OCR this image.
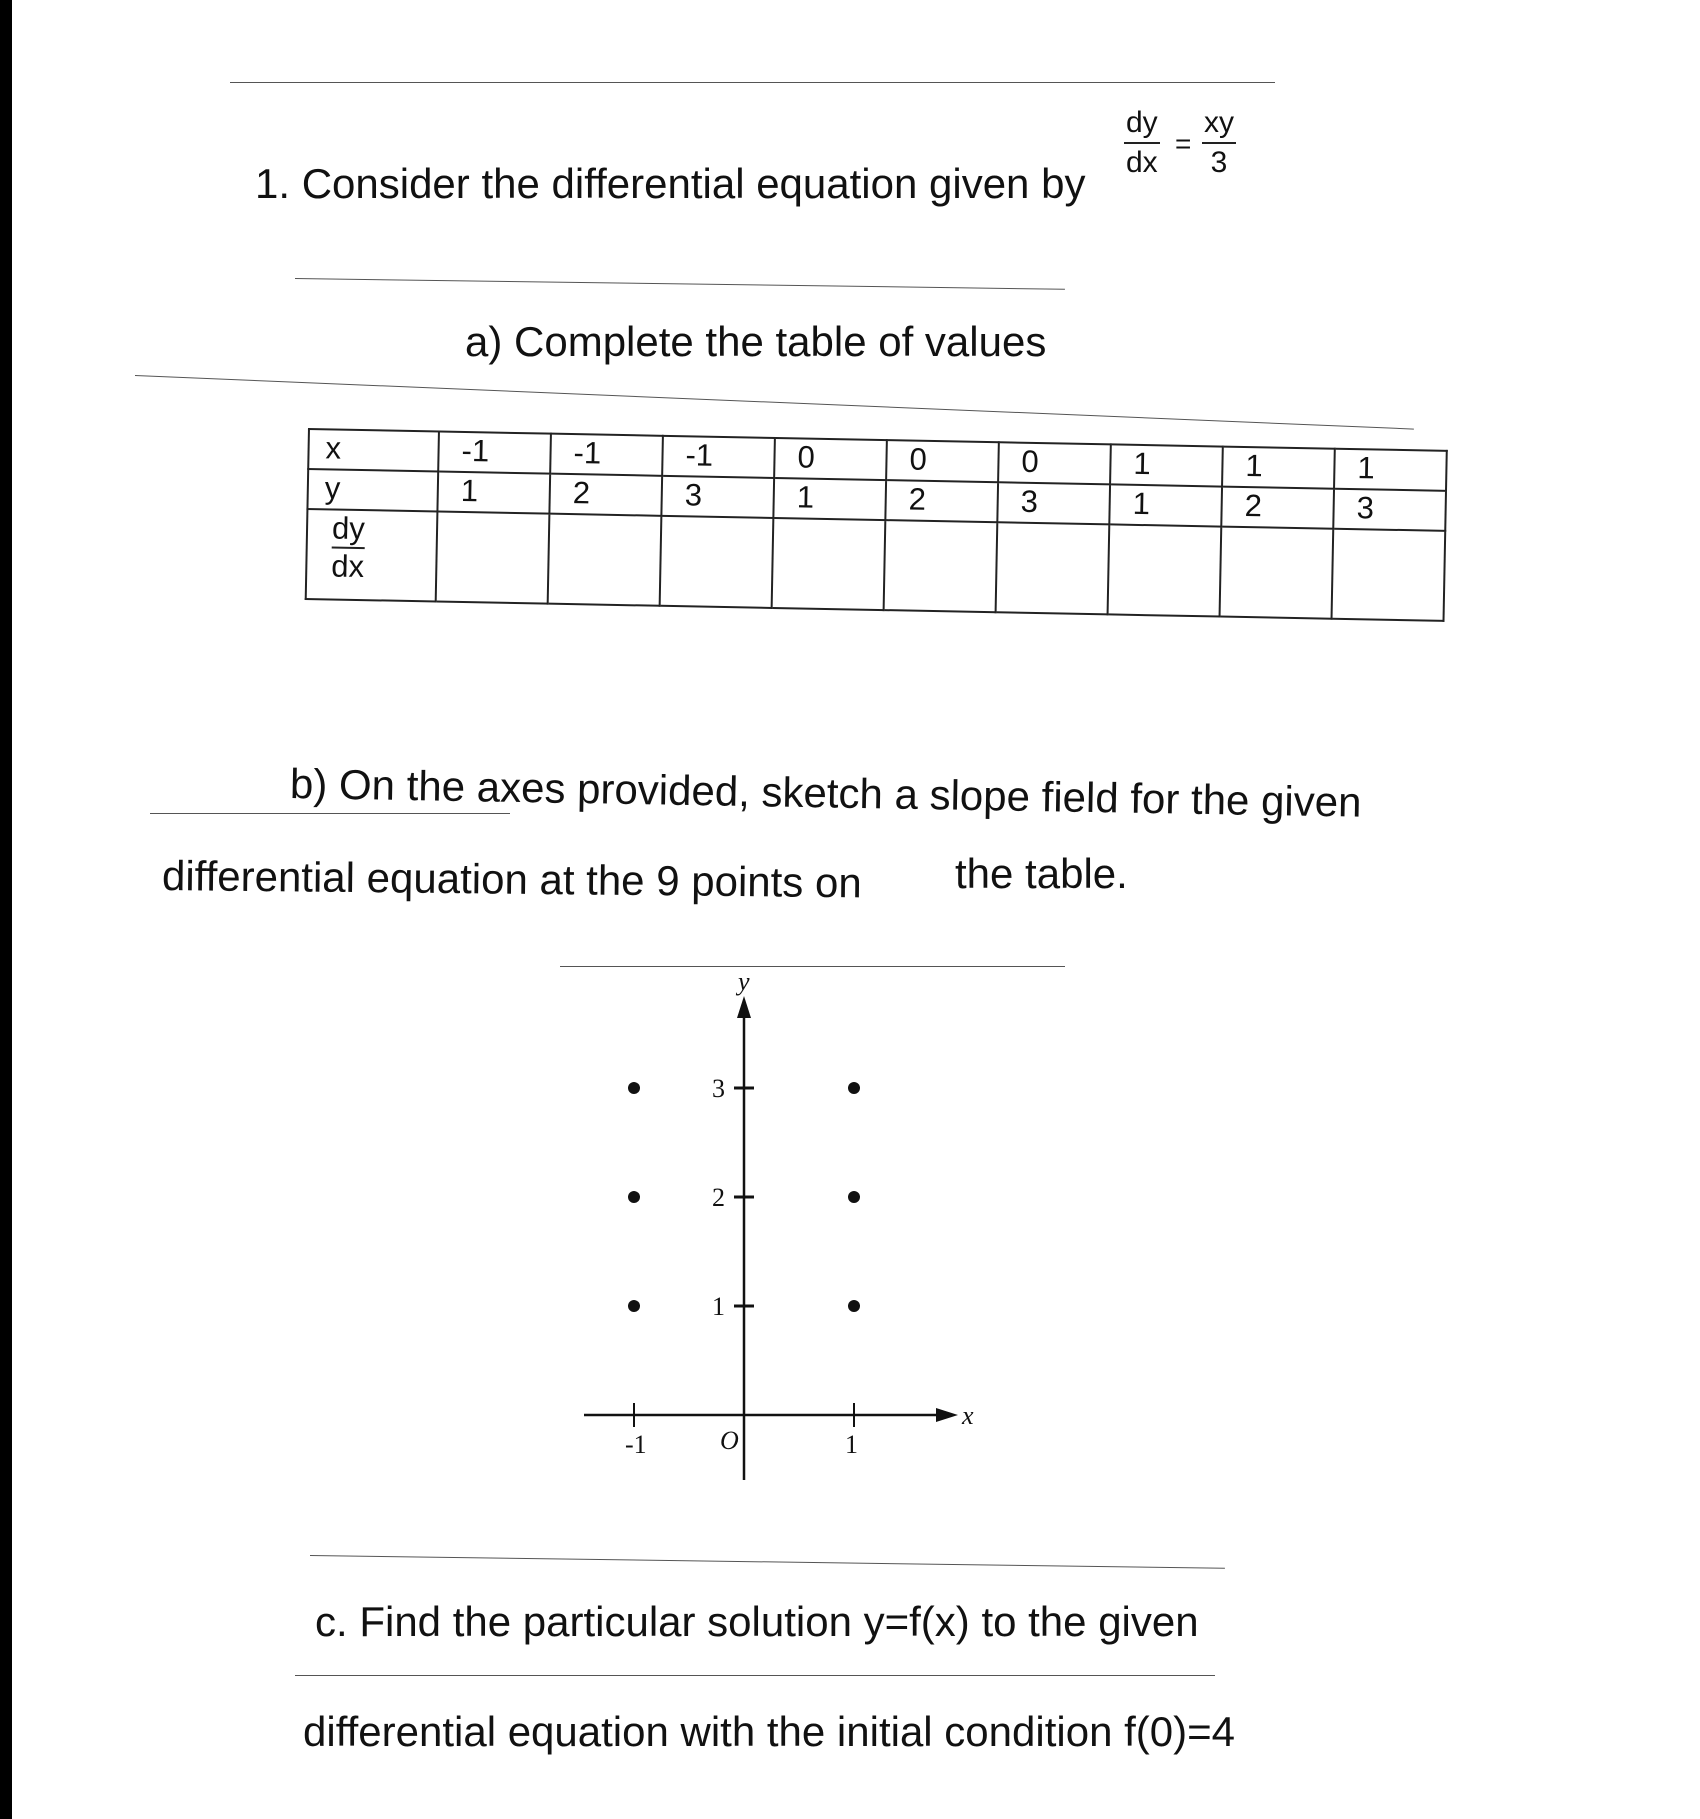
1. Consider the differential equation given by
dy
dx
=
xy
3
a) Complete the table of values
x	-1	-1	-1	0	0	0	1	1	1
y	1	2	3	1	2	3	1	2	3
$\frac{dy}{dx}$									
b) On the axes provided, sketch a slope field for the given
differential equation at the 9 points on the table.
y
x
O
-1	1
1
2
3
c. Find the particular solution y=f(x) to the given
differential equation with the initial condition f(0)=4
